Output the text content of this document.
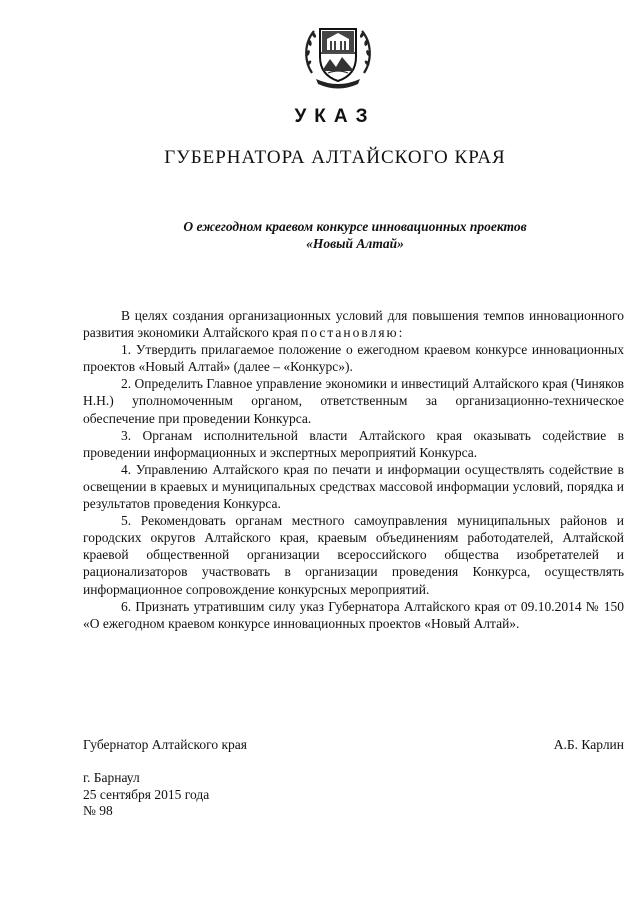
УКАЗ
ГУБЕРНАТОРА АЛТАЙСКОГО КРАЯ
О ежегодном краевом конкурсе инновационных проектов
«Новый Алтай»

В целях создания организационных условий для повышения темпов инновационного развития экономики Алтайского края постановляю:

1. Утвердить прилагаемое положение о ежегодном краевом конкурсе инновационных проектов «Новый Алтай» (далее – «Конкурс»).

2. Определить Главное управление экономики и инвестиций Алтайского края (Чиняков Н.Н.) уполномоченным органом, ответственным за организационно-техническое обеспечение при проведении Конкурса.

3. Органам исполнительной власти Алтайского края оказывать содействие в проведении информационных и экспертных мероприятий Конкурса.

4. Управлению Алтайского края по печати и информации осуществлять содействие в освещении в краевых и муниципальных средствах массовой информации условий, порядка и результатов проведения Конкурса.

5. Рекомендовать органам местного самоуправления муниципальных районов и городских округов Алтайского края, краевым объединениям работодателей, Алтайской краевой общественной организации всероссийского общества изобретателей и рационализаторов участвовать в организации проведения Конкурса, осуществлять информационное сопровождение конкурсных мероприятий.

6. Признать утратившим силу указ Губернатора Алтайского края от 09.10.2014 № 150 «О ежегодном краевом конкурсе инновационных проектов «Новый Алтай».

Губернатор Алтайского края	А.Б. Карлин
г. Барнаул
25 сентября 2015 года
№ 98
